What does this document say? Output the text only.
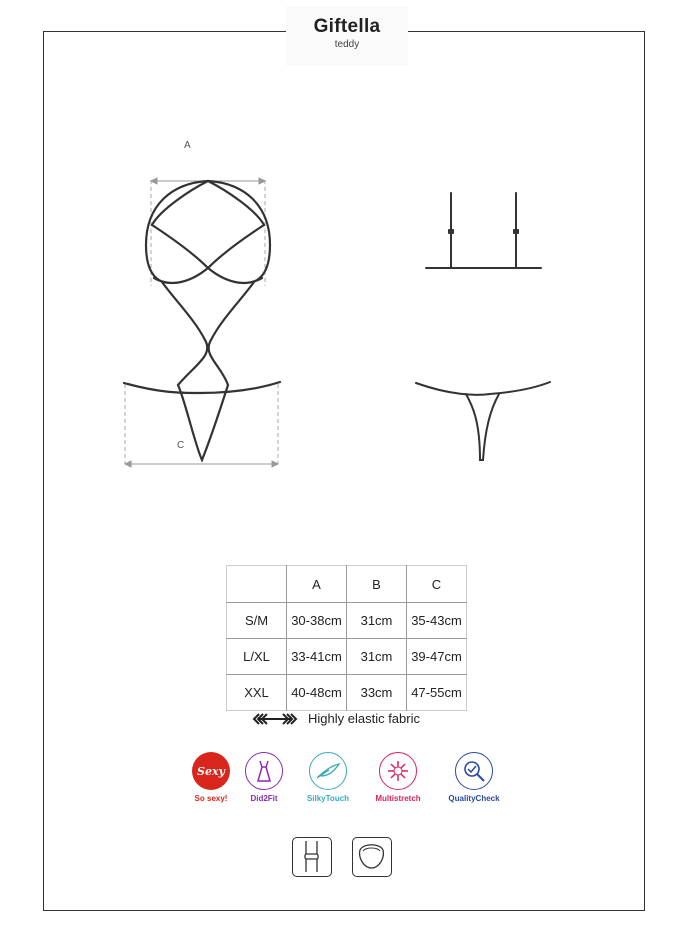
Giftella
teddy
A
C
	A	B	C
S/M	30-38cm	31cm	35-43cm
L/XL	33-41cm	31cm	39-47cm
XXL	40-48cm	33cm	47-55cm
Highly elastic fabric
Sexy
So sexy!	Did2Fit	SilkyTouch	Multistretch	QualityCheck
